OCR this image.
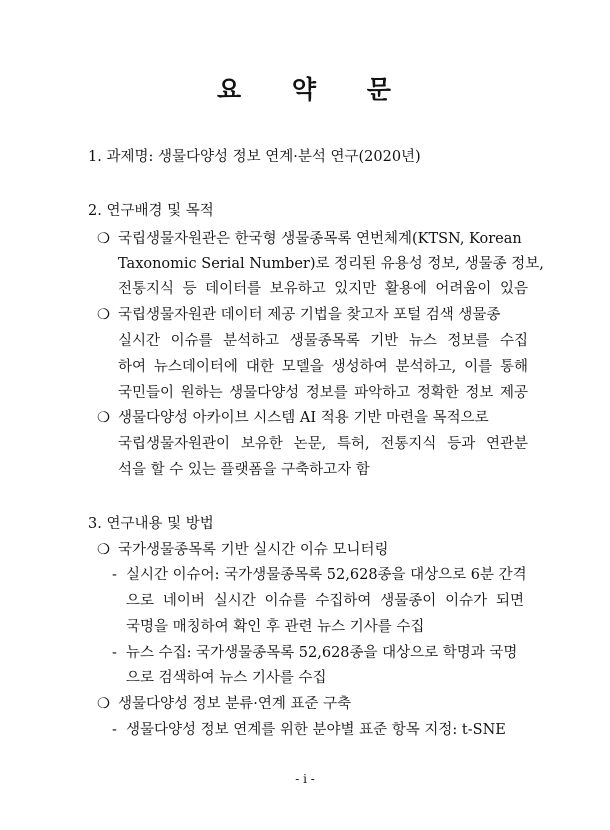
요 약 문
1. 과제명: 생물다양성 정보 연계·분석 연구(2020년)
2. 연구배경 및 목적
❍ 국립생물자원관은 한국형 생물종목록 연번체계(KTSN, Korean
Taxonomic Serial Number)로 정리된 유용성 정보, 생물종 정보,
전통지식 등 데이터를 보유하고 있지만 활용에 어려움이 있음
❍ 국립생물자원관 데이터 제공 기법을 찾고자 포털 검색 생물종
실시간 이슈를 분석하고 생물종목록 기반 뉴스 정보를 수집
하여 뉴스데이터에 대한 모델을 생성하여 분석하고, 이를 통해
국민들이 원하는 생물다양성 정보를 파악하고 정확한 정보 제공
❍ 생물다양성 아카이브 시스템 AI 적용 기반 마련을 목적으로
국립생물자원관이 보유한 논문, 특허, 전통지식 등과 연관분
석을 할 수 있는 플랫폼을 구축하고자 함
3. 연구내용 및 방법
❍ 국가생물종목록 기반 실시간 이슈 모니터링
- 실시간 이슈어: 국가생물종목록 52,628종을 대상으로 6분 간격
으로 네이버 실시간 이슈를 수집하여 생물종이 이슈가 되면
국명을 매칭하여 확인 후 관련 뉴스 기사를 수집
- 뉴스 수집: 국가생물종목록 52,628종을 대상으로 학명과 국명
으로 검색하여 뉴스 기사를 수집
❍ 생물다양성 정보 분류·연계 표준 구축
- 생물다양성 정보 연계를 위한 분야별 표준 항목 지정: t-SNE
- i -
